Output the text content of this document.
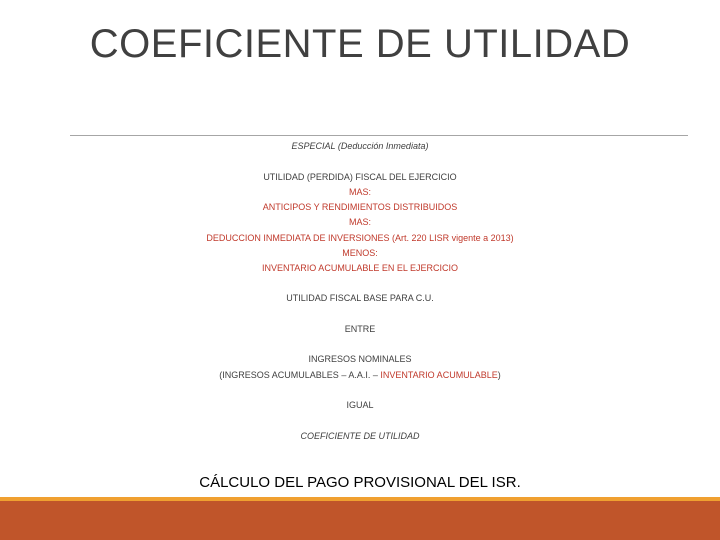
COEFICIENTE DE UTILIDAD
ESPECIAL (Deducción Inmediata)
UTILIDAD (PERDIDA) FISCAL DEL EJERCICIO
MAS:
ANTICIPOS Y RENDIMIENTOS DISTRIBUIDOS
MAS:
DEDUCCION INMEDIATA DE INVERSIONES (Art. 220 LISR vigente a 2013)
MENOS:
INVENTARIO ACUMULABLE EN EL EJERCICIO
UTILIDAD FISCAL BASE PARA C.U.
ENTRE
INGRESOS NOMINALES
(INGRESOS ACUMULABLES – A.A.I. – INVENTARIO ACUMULABLE)
IGUAL
COEFICIENTE DE UTILIDAD
CÁLCULO DEL PAGO PROVISIONAL DEL ISR.
